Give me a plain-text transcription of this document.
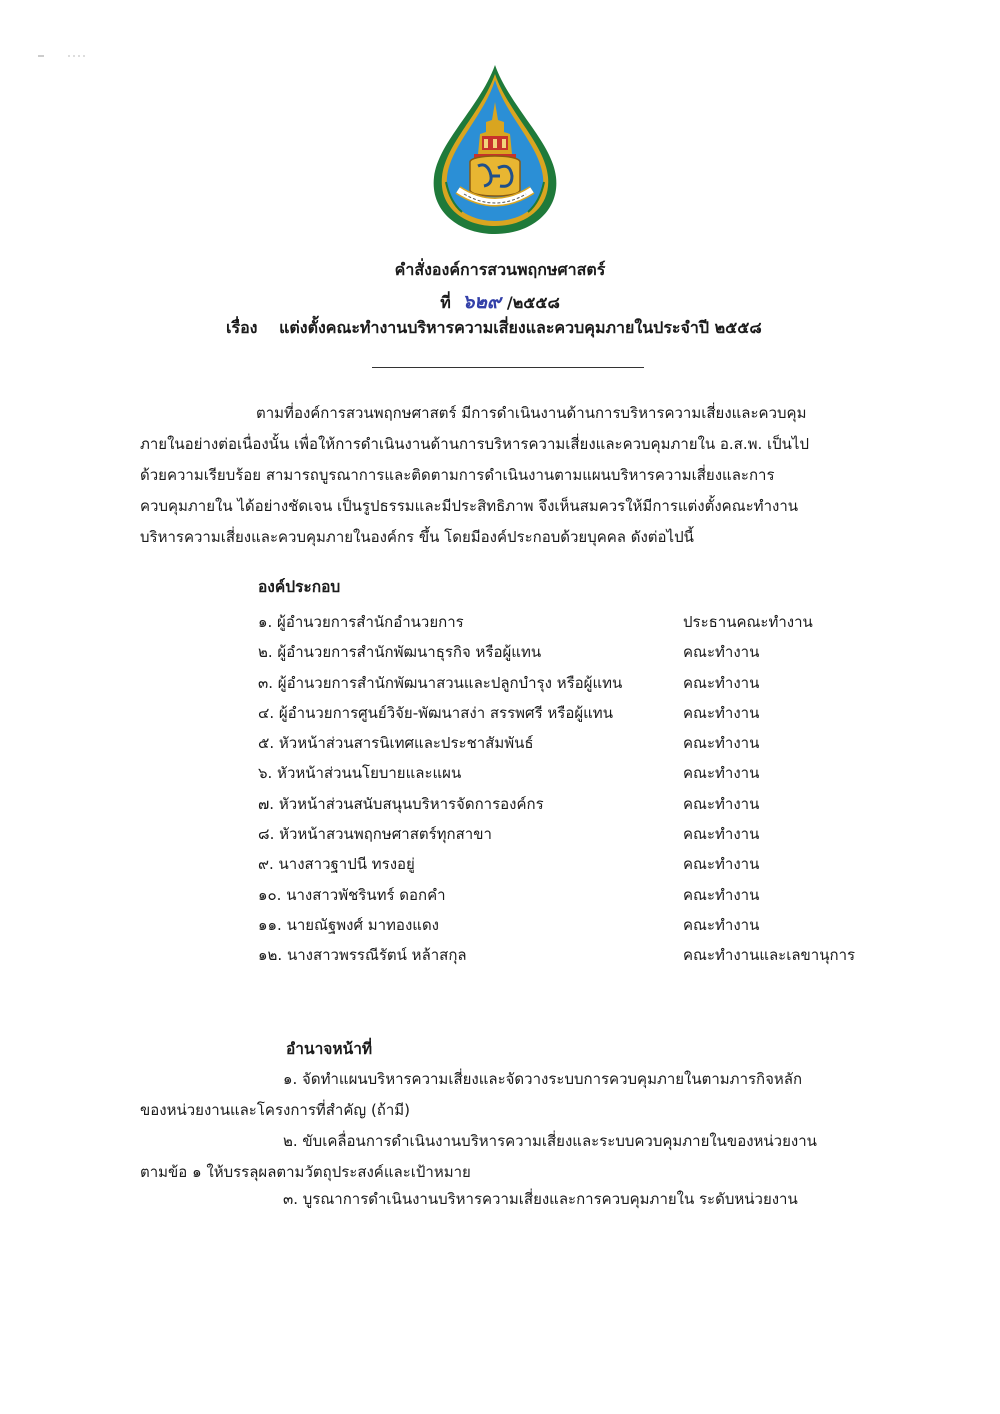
คำสั่งองค์การสวนพฤกษศาสตร์
ที่ ๖๒๙ /๒๕๕๘
เรื่อง แต่งตั้งคณะทำงานบริหารความเสี่ยงและควบคุมภายในประจำปี ๒๕๕๘

ตามที่องค์การสวนพฤกษศาสตร์ มีการดำเนินงานด้านการบริหารความเสี่ยงและควบคุม

ภายในอย่างต่อเนื่องนั้น เพื่อให้การดำเนินงานด้านการบริหารความเสี่ยงและควบคุมภายใน อ.ส.พ. เป็นไป

ด้วยความเรียบร้อย สามารถบูรณาการและติดตามการดำเนินงานตามแผนบริหารความเสี่ยงและการ

ควบคุมภายใน ได้อย่างชัดเจน เป็นรูปธรรมและมีประสิทธิภาพ จึงเห็นสมควรให้มีการแต่งตั้งคณะทำงาน

บริหารความเสี่ยงและควบคุมภายในองค์กร ขึ้น โดยมีองค์ประกอบด้วยบุคคล ดังต่อไปนี้

องค์ประกอบ
๑. ผู้อำนวยการสำนักอำนวยการ	ประธานคณะทำงาน
๒. ผู้อำนวยการสำนักพัฒนาธุรกิจ หรือผู้แทน	คณะทำงาน
๓. ผู้อำนวยการสำนักพัฒนาสวนและปลูกบำรุง หรือผู้แทน	คณะทำงาน
๔. ผู้อำนวยการศูนย์วิจัย-พัฒนาสง่า สรรพศรี หรือผู้แทน	คณะทำงาน
๕. หัวหน้าส่วนสารนิเทศและประชาสัมพันธ์	คณะทำงาน
๖. หัวหน้าส่วนนโยบายและแผน	คณะทำงาน
๗. หัวหน้าส่วนสนับสนุนบริหารจัดการองค์กร	คณะทำงาน
๘. หัวหน้าสวนพฤกษศาสตร์ทุกสาขา	คณะทำงาน
๙. นางสาวฐาปนี ทรงอยู่	คณะทำงาน
๑๐. นางสาวพัชรินทร์ ดอกคำ	คณะทำงาน
๑๑. นายณัฐพงศ์ มาทองแดง	คณะทำงาน
๑๒. นางสาวพรรณีรัตน์ หล้าสกุล	คณะทำงานและเลขานุการ
อำนาจหน้าที่

๑. จัดทำแผนบริหารความเสี่ยงและจัดวางระบบการควบคุมภายในตามภารกิจหลัก

ของหน่วยงานและโครงการที่สำคัญ (ถ้ามี)

๒. ขับเคลื่อนการดำเนินงานบริหารความเสี่ยงและระบบควบคุมภายในของหน่วยงาน

ตามข้อ ๑ ให้บรรลุผลตามวัตถุประสงค์และเป้าหมาย

๓. บูรณาการดำเนินงานบริหารความเสี่ยงและการควบคุมภายใน ระดับหน่วยงาน
